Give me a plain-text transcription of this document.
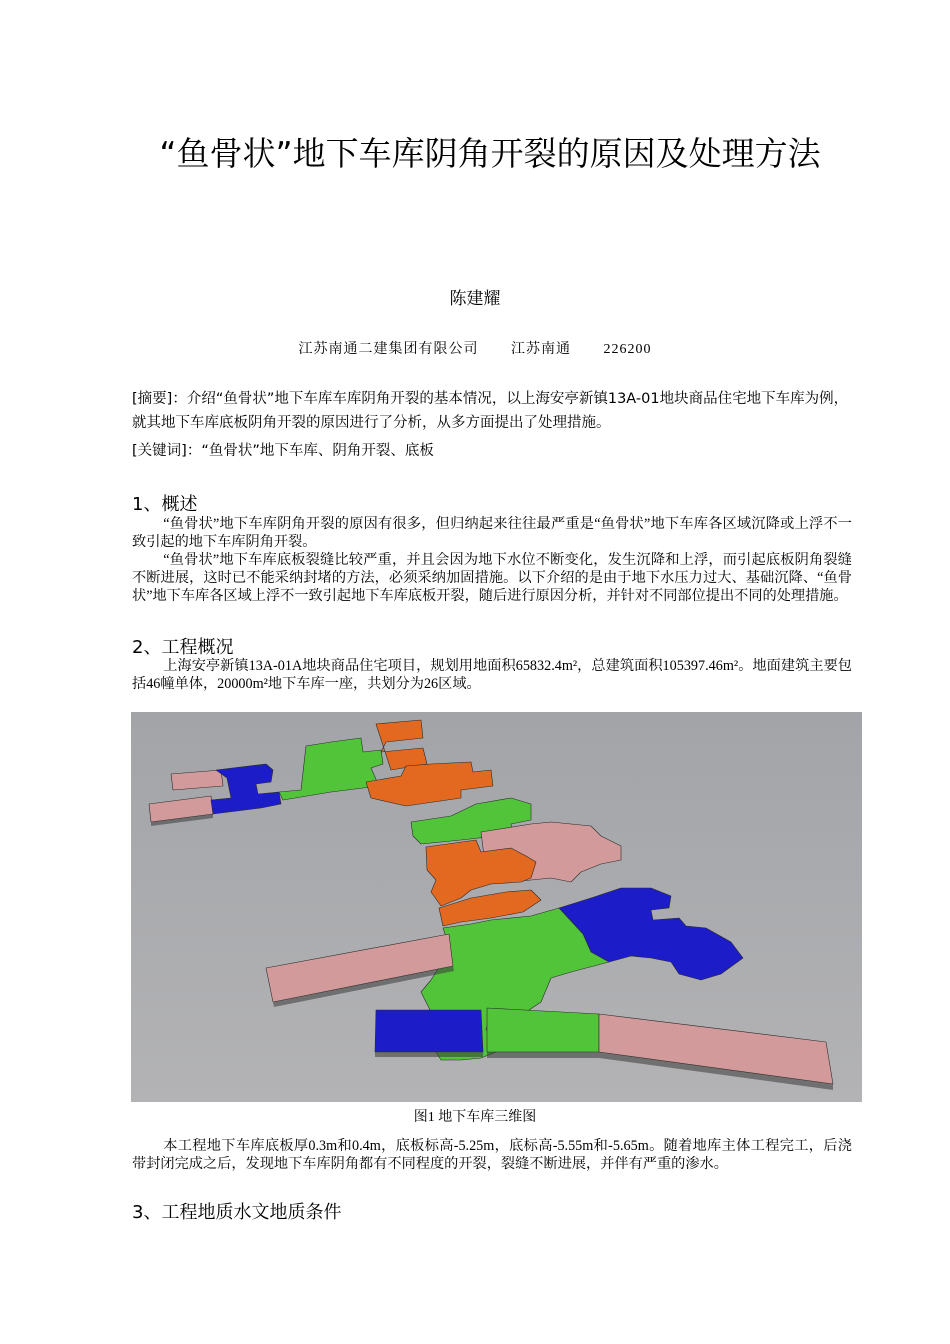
“鱼骨状”地下车库阴角开裂的原因及处理方法
陈建耀
江苏南通二建集团有限公司 江苏南通 226200
[摘要]：介绍“鱼骨状”地下车库车库阴角开裂的基本情况，以上海安亭新镇13A-01地块商品住宅地下车库为例，就其地下车库底板阴角开裂的原因进行了分析，从多方面提出了处理措施。
[关键词]：“鱼骨状”地下车库、阴角开裂、底板
1、概述

“鱼骨状”地下车库阴角开裂的原因有很多，但归纳起来往往最严重是“鱼骨状”地下车库各区域沉降或上浮不一致引起的地下车库阴角开裂。

“鱼骨状”地下车库底板裂缝比较严重，并且会因为地下水位不断变化，发生沉降和上浮，而引起底板阴角裂缝不断进展，这时已不能采纳封堵的方法，必须采纳加固措施。以下介绍的是由于地下水压力过大、基础沉降、“鱼骨状”地下车库各区域上浮不一致引起地下车库底板开裂，随后进行原因分析，并针对不同部位提出不同的处理措施。

2、工程概况

上海安亭新镇13A-01A地块商品住宅项目，规划用地面积65832.4m²，总建筑面积105397.46m²。地面建筑主要包括46幢单体，20000m²地下车库一座，共划分为26区域。

图1 地下车库三维图

本工程地下车库底板厚0.3m和0.4m，底板标高-5.25m，底标高-5.55m和-5.65m。随着地库主体工程完工，后浇带封闭完成之后，发现地下车库阴角都有不同程度的开裂，裂缝不断进展，并伴有严重的渗水。

3、工程地质水文地质条件
